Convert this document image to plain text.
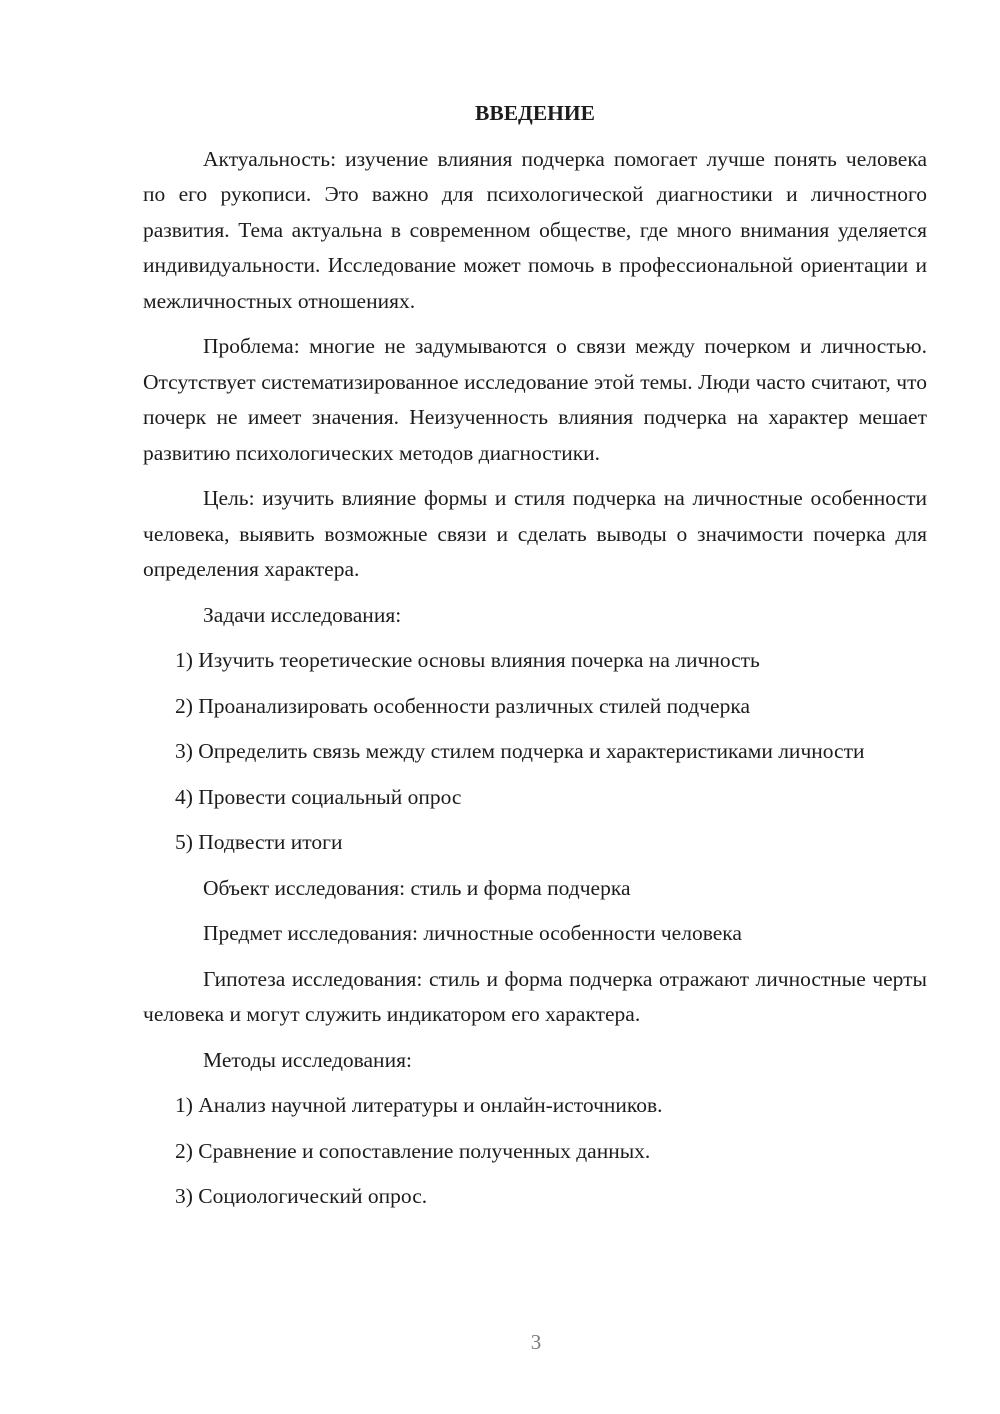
ВВЕДЕНИЕ

Актуальность: изучение влияния подчерка помогает лучше понять человека по его рукописи. Это важно для психологической диагностики и личностного развития. Тема актуальна в современном обществе, где много внимания уделяется индивидуальности. Исследование может помочь в профессиональной ориентации и межличностных отношениях.

Проблема: многие не задумываются о связи между почерком и личностью. Отсутствует систематизированное исследование этой темы. Люди часто считают, что почерк не имеет значения. Неизученность влияния подчерка на характер мешает развитию психологических методов диагностики.

Цель: изучить влияние формы и стиля подчерка на личностные особенности человека, выявить возможные связи и сделать выводы о значимости почерка для определения характера.

Задачи исследования:

1) Изучить теоретические основы влияния почерка на личность

2) Проанализировать особенности различных стилей подчерка

3) Определить связь между стилем подчерка и характеристиками личности

4) Провести социальный опрос

5) Подвести итоги

Объект исследования: стиль и форма подчерка

Предмет исследования: личностные особенности человека

Гипотеза исследования: стиль и форма подчерка отражают личностные черты человека и могут служить индикатором его характера.

Методы исследования:

1) Анализ научной литературы и онлайн-источников.

2) Сравнение и сопоставление полученных данных.

3) Социологический опрос.

3
